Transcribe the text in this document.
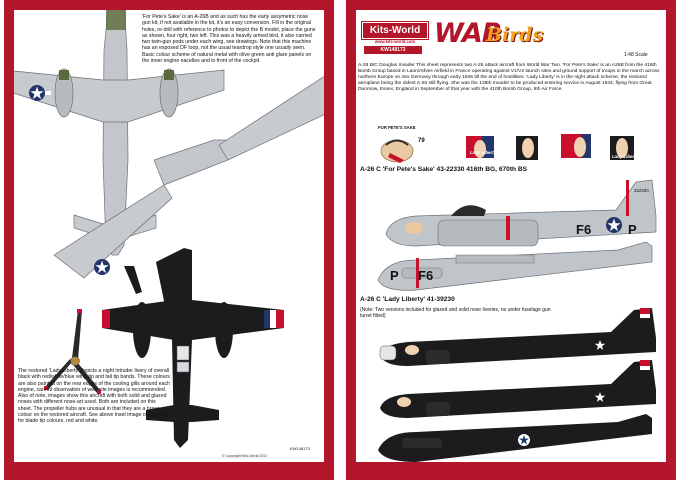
'For Pete's Sake' is an A-26B and as such has the early assymetric nose gun kit, if not available in the kit, it's an easy conversion. Fill in the original holes, re-drill with reference to photos to depict the B model, place the guns as shown, four right, two left. This was a heavily armed bird, it also carried two twin-gun pods under each wing, see drawings. Note that this machine has an exposed DF loop, not the usual teardrop style one usually seen. Basic colour scheme of natural metal with olive green anti glare panels on the inner engine nacelles and in front of the cockpit.
The restored 'Lady Liberty' depicts a night intruder livery of overall black with red/white/blue wing-tip and tail tip bands. These colours are also painted on the rear edges of the cooling gills around each engine, careful observation of web-site images is recommended. Also of note, images show this aircraft with both solid and glazed noses with different nose-art used. Both are included on this sheet. The propeller hubs are unusual in that they are a brass colour on the restored aircraft. See above inset image of propellor for blade tip colours, red and white.
KW148173
© Copyright Kits-World 2017
Kits-World
www.kits-world.com
KW148173
WAR
Birds
1:48 Scale
A-26 B/C Douglas Invader This sheet represents two A-26 attack aircraft from World War Two. 'For Pete's Sake' is an A26B from the 416th Bomb Group based in Laon/Athies Airfield in France operating against V1/V2 launch sites and ground support of troops in the march across northern Europe on into Germany through early 1945 till the end of hostilities. 'Lady Liberty' is in the night attack scheme, the restored aeroplane being the oldest A-26 still flying. She was the 138th Invader to be produced entering service in August 1944, flying from Great Dunmow, Essex, England in September of that year with the 410th Bomb Group, 9th Air Force.
FOR PETE'S SAKE
79
Lady Liberty
Lady Liberty
A-26 C 'For Pete's Sake' 43-22330 416th BG, 670th BS
322330
F6	P
P F6
A-26 C 'Lady Liberty' 41-39230
(Note: Two versions included for glazed and solid nose liveries, no under fuselage gun turret fitted)
